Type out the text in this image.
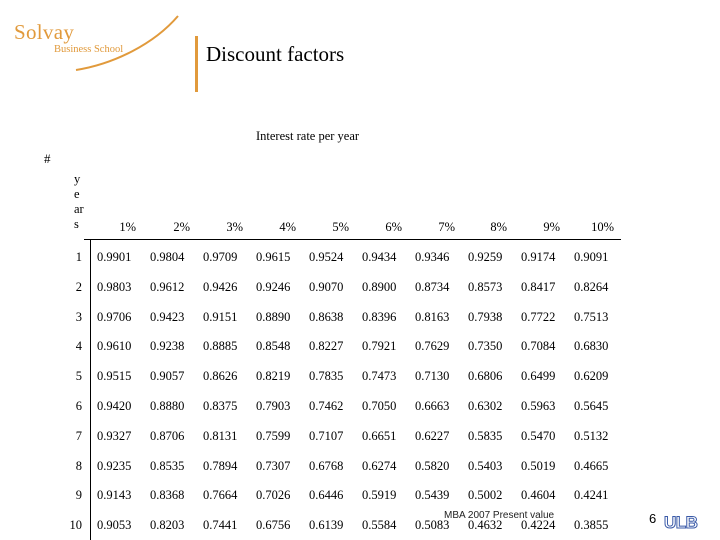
Solvay
Business School	Discount factors
Interest rate per year
#
y
e
ar
s	1%	2%	3%	4%	5%	6%	7%	8%	9%	10%
1 0.9901 0.9804 0.9709 0.9615 0.9524 0.9434 0.9346 0.9259 0.9174 0.9091
2 0.9803 0.9612 0.9426 0.9246 0.9070 0.8900 0.8734 0.8573 0.8417 0.8264
3 0.9706 0.9423 0.9151 0.8890 0.8638 0.8396 0.8163 0.7938 0.7722 0.7513
4 0.9610 0.9238 0.8885 0.8548 0.8227 0.7921 0.7629 0.7350 0.7084 0.6830
5 0.9515 0.9057 0.8626 0.8219 0.7835 0.7473 0.7130 0.6806 0.6499 0.6209
6 0.9420 0.8880 0.8375 0.7903 0.7462 0.7050 0.6663 0.6302 0.5963 0.5645
7 0.9327 0.8706 0.8131 0.7599 0.7107 0.6651 0.6227 0.5835 0.5470 0.5132
8 0.9235 0.8535 0.7894 0.7307 0.6768 0.6274 0.5820 0.5403 0.5019 0.4665
9 0.9143 0.8368 0.7664 0.7026 0.6446 0.5919 0.5439 0.5002 0.4604 0.4241
10 0.9053 0.8203 0.7441 0.6756 0.6139 0.5584 0.5083 0.4632 0.4224 0.3855
MBA 2007 Present value	6 ULB
